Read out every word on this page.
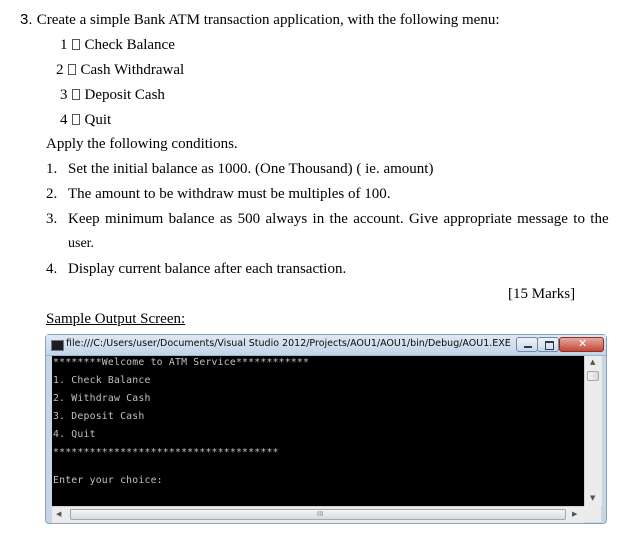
3. Create a simple Bank ATM transaction application, with the following menu:
1 Check Balance
2 Cash Withdrawal
3 Deposit Cash
4 Quit
Apply the following conditions.
1. Set the initial balance as 1000. (One Thousand) ( ie. amount)
2. The amount to be withdraw must be multiples of 100.
3. Keep minimum balance as 500 always in the account. Give appropriate message to the
user.
4. Display current balance after each transaction.
[15 Marks]
Sample Output Screen:
file:///C:/Users/user/Documents/Visual Studio 2012/Projects/AOU1/AOU1/bin/Debug/AOU1.EXE	✕
********Welcome to ATM Service************
1. Check Balance
2. Withdraw Cash
3. Deposit Cash
4. Quit
*************************************
Enter your choice:
▲
▼
◀	III	▶
